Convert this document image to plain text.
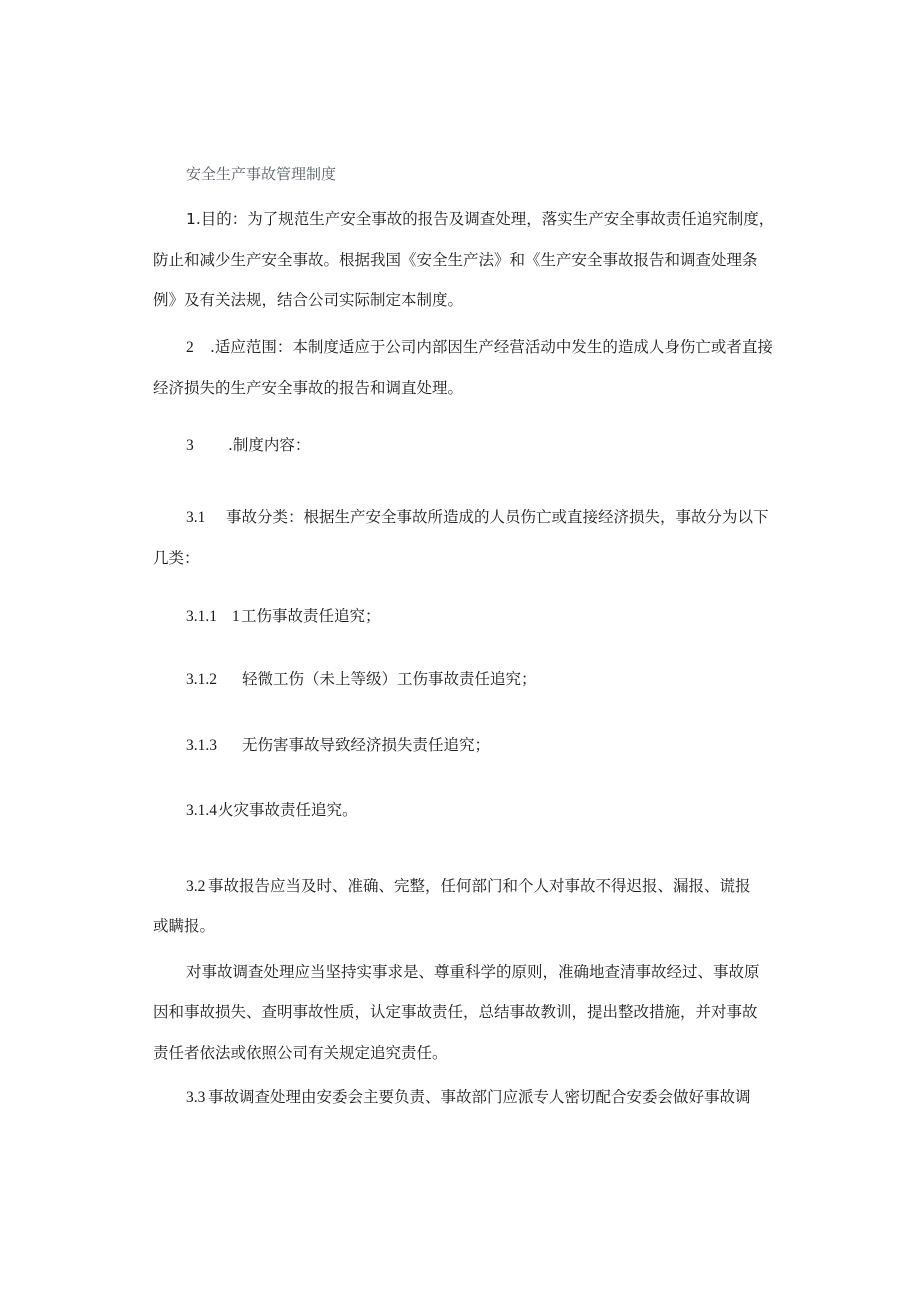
安全生产事故管理制度
1.目的：为了规范生产安全事故的报告及调查处理，落实生产安全事故责任追究制度，
防止和减少生产安全事故。根据我国《安全生产法》和《生产安全事故报告和调查处理条
例》及有关法规，结合公司实际制定本制度。
2 .适应范围：本制度适应于公司内部因生产经营活动中发生的造成人身伤亡或者直接
经济损失的生产安全事故的报告和调直处理。
3 .制度内容：
3.1 事故分类：根据生产安全事故所造成的人员伤亡或直接经济损失，事故分为以下
几类：
3.1.1 1工伤事故责任追究；
3.1.2 轻微工伤（未上等级）工伤事故责任追究；
3.1.3 无伤害事故导致经济损失责任追究；
3.1.4火灾事故责任追究。
3.2 事故报告应当及时、准确、完整，任何部门和个人对事故不得迟报、漏报、谎报
或瞒报。
对事故调查处理应当坚持实事求是、尊重科学的原则，准确地查清事故经过、事故原
因和事故损失、查明事故性质，认定事故责任，总结事故教训，提出整改措施，并对事故
责任者依法或依照公司有关规定追究责任。
3.3 事故调查处理由安委会主要负责、事故部门应派专人密切配合安委会做好事故调
